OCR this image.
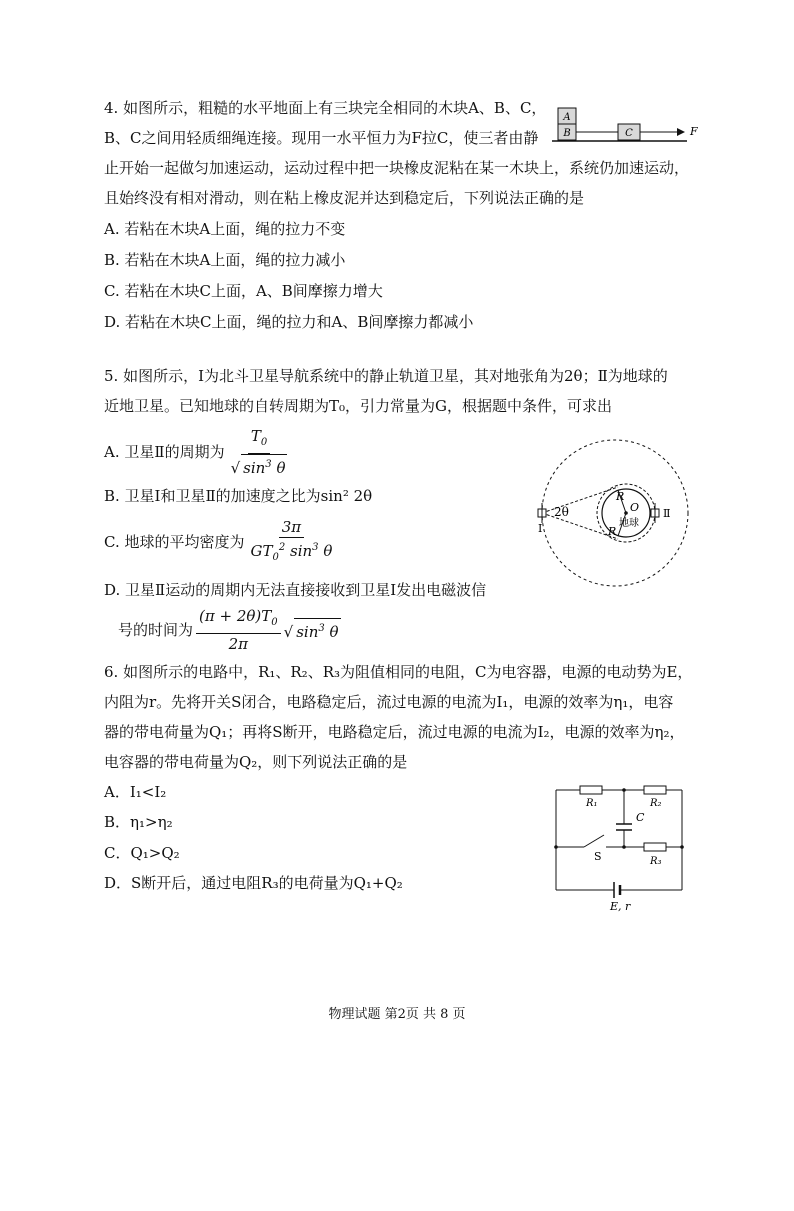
4. 如图所示，粗糙的水平地面上有三块完全相同的木块A、B、C，
B、C之间用轻质细绳连接。现用一水平恒力为F拉C，使三者由静
止开始一起做匀加速运动，运动过程中把一块橡皮泥粘在某一木块上，系统仍加速运动，
且始终没有相对滑动，则在粘上橡皮泥并达到稳定后，下列说法正确的是
A. 若粘在木块A上面，绳的拉力不变
B. 若粘在木块A上面，绳的拉力减小
C. 若粘在木块C上面，A、B间摩擦力增大
D. 若粘在木块C上面，绳的拉力和A、B间摩擦力都减小
A
B	C	F
5. 如图所示，Ⅰ为北斗卫星导航系统中的静止轨道卫星，其对地张角为2θ；Ⅱ为地球的
近地卫星。已知地球的自转周期为T₀，引力常量为G，根据题中条件，可求出
A. 卫星Ⅱ的周期为 $\frac{T_0}{√ \sin^3 \theta}$
B. 卫星Ⅰ和卫星Ⅱ的加速度之比为sin² 2θ
C. 地球的平均密度为 $\frac{3\pi}{GT_0^2 \sin^3 \theta}$
D. 卫星Ⅱ运动的周期内无法直接接收到卫星Ⅰ发出电磁波信
号的时间为 $\frac{(\pi + 2\theta)T_0}{2\pi}$ √ $\sin^3 \theta$
2θ
Ⅰ
Ⅱ
R
R
O
地球
6. 如图所示的电路中，R₁、R₂、R₃为阻值相同的电阻，C为电容器，电源的电动势为E，
内阻为r。先将开关S闭合，电路稳定后，流过电源的电流为I₁，电源的效率为η₁，电容
器的带电荷量为Q₁；再将S断开，电路稳定后，流过电源的电流为I₂，电源的效率为η₂，
电容器的带电荷量为Q₂，则下列说法正确的是
A．I₁<I₂
B．η₁>η₂
C．Q₁>Q₂
D．S断开后，通过电阻R₃的电荷量为Q₁+Q₂
R₁	R₂
C
S	R₃
E, r
物理试题 第2页 共 8 页
